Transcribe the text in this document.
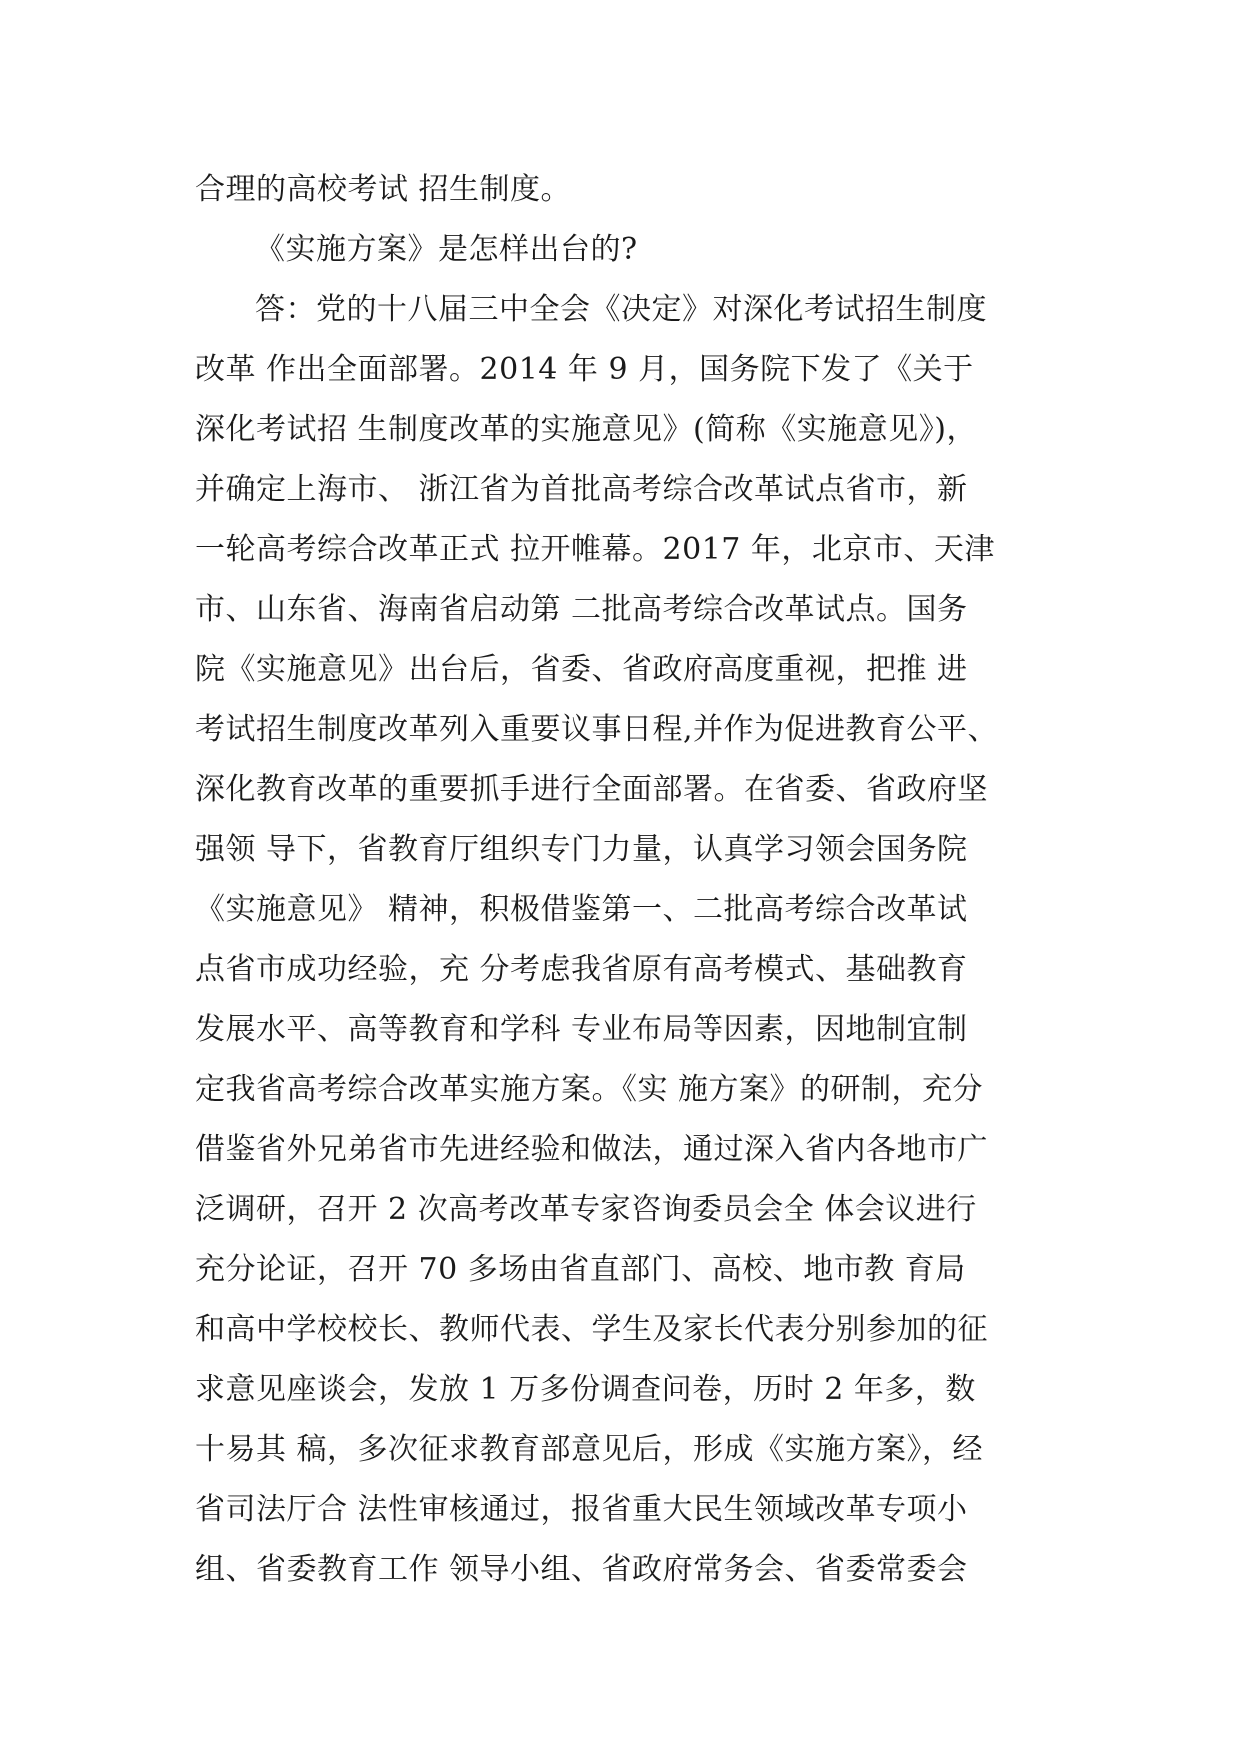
合理的高校考试 招生制度。
《实施方案》是怎样出台的?
答：党的十八届三中全会《决定》对深化考试招生制度
改革 作出全面部署。2014 年 9 月，国务院下发了《关于
深化考试招 生制度改革的实施意见》(简称《实施意见》)，
并确定上海市、 浙江省为首批高考综合改革试点省市，新
一轮高考综合改革正式 拉开帷幕。2017 年，北京市、天津
市、山东省、海南省启动第 二批高考综合改革试点。国务
院《实施意见》出台后，省委、省政府高度重视，把推 进
考试招生制度改革列入重要议事日程,并作为促进教育公平、
深化教育改革的重要抓手进行全面部署。在省委、省政府坚
强领 导下，省教育厅组织专门力量，认真学习领会国务院
《实施意见》 精神，积极借鉴第一、二批高考综合改革试
点省市成功经验，充 分考虑我省原有高考模式、基础教育
发展水平、高等教育和学科 专业布局等因素，因地制宜制
定我省高考综合改革实施方案。《实 施方案》的研制，充分
借鉴省外兄弟省市先进经验和做法，通过深入省内各地市广
泛调研，召开 2 次高考改革专家咨询委员会全 体会议进行
充分论证，召开 70 多场由省直部门、高校、地市教 育局
和高中学校校长、教师代表、学生及家长代表分别参加的征
求意见座谈会，发放 1 万多份调查问卷，历时 2 年多，数
十易其 稿，多次征求教育部意见后，形成《实施方案》，经
省司法厅合 法性审核通过，报省重大民生领域改革专项小
组、省委教育工作 领导小组、省政府常务会、省委常委会
